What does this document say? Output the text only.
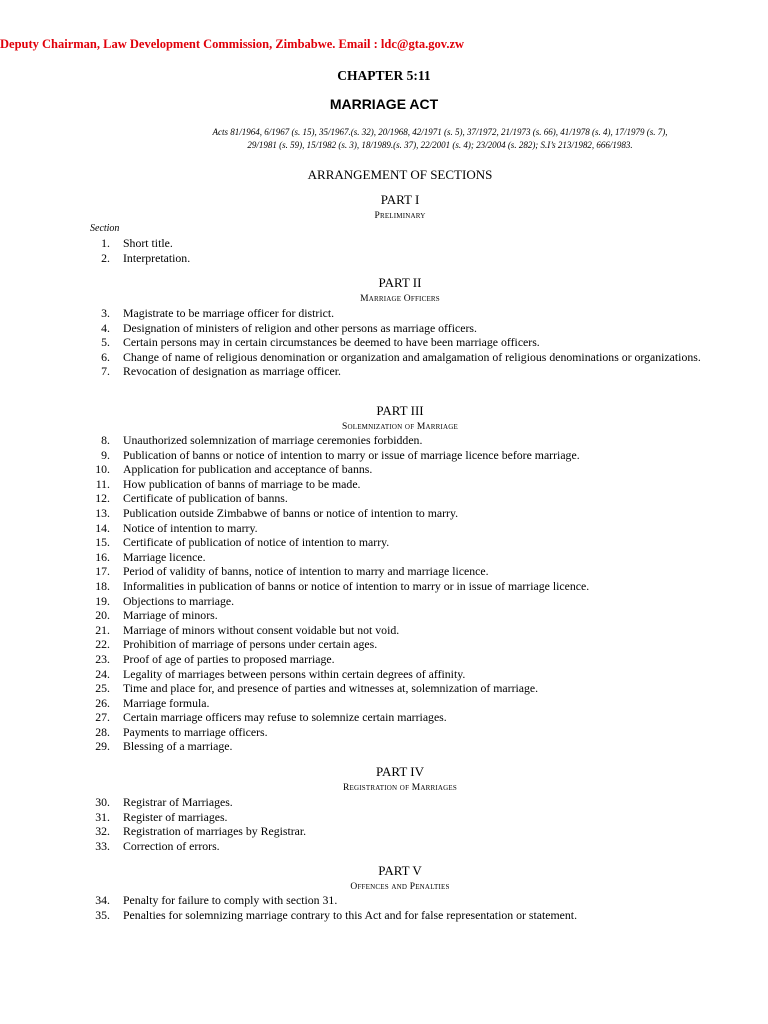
Deputy Chairman, Law Development Commission, Zimbabwe. Email : ldc@gta.gov.zw
CHAPTER 5:11
MARRIAGE ACT
Acts 81/1964, 6/1967 (s. 15), 35/1967.(s. 32), 20/1968, 42/1971 (s. 5), 37/1972, 21/1973 (s. 66), 41/1978 (s. 4), 17/1979 (s. 7),
29/1981 (s. 59), 15/1982 (s. 3), 18/1989.(s. 37), 22/2001 (s. 4); 23/2004 (s. 282); S.I’s 213/1982, 666/1983.
ARRANGEMENT OF SECTIONS
PART I
Preliminary
Section
1.	Short title.
2.	Interpretation.
PART II
Marriage Officers
3.	Magistrate to be marriage officer for district.
4.	Designation of ministers of religion and other persons as marriage officers.
5.	Certain persons may in certain circumstances be deemed to have been marriage officers.
6.	Change of name of religious denomination or organization and amalgamation of religious denominations or organizations.
7.	Revocation of designation as marriage officer.
PART III
Solemnization of Marriage
8.	Unauthorized solemnization of marriage ceremonies forbidden.
9.	Publication of banns or notice of intention to marry or issue of marriage licence before marriage.
10.	Application for publication and acceptance of banns.
11.	How publication of banns of marriage to be made.
12.	Certificate of publication of banns.
13.	Publication outside Zimbabwe of banns or notice of intention to marry.
14.	Notice of intention to marry.
15.	Certificate of publication of notice of intention to marry.
16.	Marriage licence.
17.	Period of validity of banns, notice of intention to marry and marriage licence.
18.	Informalities in publication of banns or notice of intention to marry or in issue of marriage licence.
19.	Objections to marriage.
20.	Marriage of minors.
21.	Marriage of minors without consent voidable but not void.
22.	Prohibition of marriage of persons under certain ages.
23.	Proof of age of parties to proposed marriage.
24.	Legality of marriages between persons within certain degrees of affinity.
25.	Time and place for, and presence of parties and witnesses at, solemnization of marriage.
26.	Marriage formula.
27.	Certain marriage officers may refuse to solemnize certain marriages.
28.	Payments to marriage officers.
29.	Blessing of a marriage.
PART IV
Registration of Marriages
30.	Registrar of Marriages.
31.	Register of marriages.
32.	Registration of marriages by Registrar.
33.	Correction of errors.
PART V
Offences and Penalties
34.	Penalty for failure to comply with section 31.
35.	Penalties for solemnizing marriage contrary to this Act and for false representation or statement.
